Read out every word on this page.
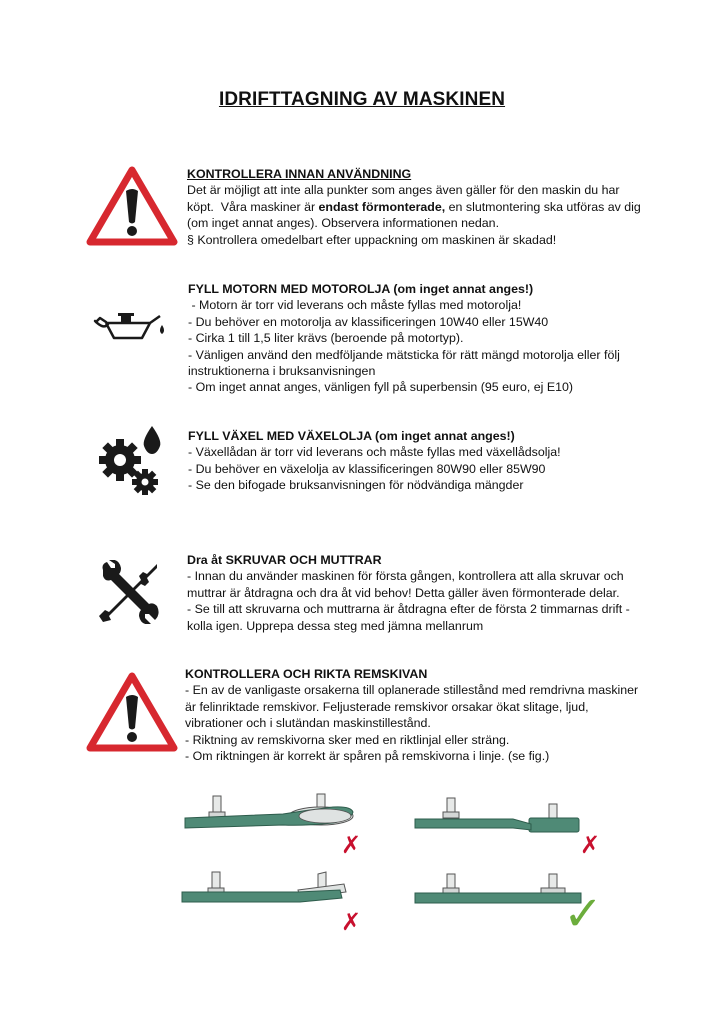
IDRIFTTAGNING AV MASKINEN
KONTROLLERA INNAN ANVÄNDNING
Det är möjligt att inte alla punkter som anges även gäller för den maskin du har
köpt.  Våra maskiner är endast förmonterade, en slutmontering ska utföras av dig
(om inget annat anges). Observera informationen nedan.
§ Kontrollera omedelbart efter uppackning om maskinen är skadad!
FYLL MOTORN MED MOTOROLJA (om inget annat anges!)
- Motorn är torr vid leverans och måste fyllas med motorolja!
- Du behöver en motorolja av klassificeringen 10W40 eller 15W40
- Cirka 1 till 1,5 liter krävs (beroende på motortyp).
- Vänligen använd den medföljande mätsticka för rätt mängd motorolja eller följ
instruktionerna i bruksanvisningen
- Om inget annat anges, vänligen fyll på superbensin (95 euro, ej E10)
FYLL VÄXEL MED VÄXELOLJA (om inget annat anges!)
- Växellådan är torr vid leverans och måste fyllas med växellådsolja!
- Du behöver en växelolja av klassificeringen 80W90 eller 85W90
- Se den bifogade bruksanvisningen för nödvändiga mängder
Dra åt SKRUVAR OCH MUTTRAR
- Innan du använder maskinen för första gången, kontrollera att alla skruvar och
muttrar är åtdragna och dra åt vid behov! Detta gäller även förmonterade delar.
- Se till att skruvarna och muttrarna är åtdragna efter de första 2 timmarnas drift -
kolla igen. Upprepa dessa steg med jämna mellanrum
KONTROLLERA OCH RIKTA REMSKIVAN
- En av de vanligaste orsakerna till oplanerade stillestånd med remdrivna maskiner
är felinriktade remskivor. Feljusterade remskivor orsakar ökat slitage, ljud,
vibrationer och i slutändan maskinstillestånd.
- Riktning av remskivorna sker med en riktlinjal eller sträng.
- Om riktningen är korrekt är spåren på remskivorna i linje. (se fig.)
✗	✗
✗	✓
